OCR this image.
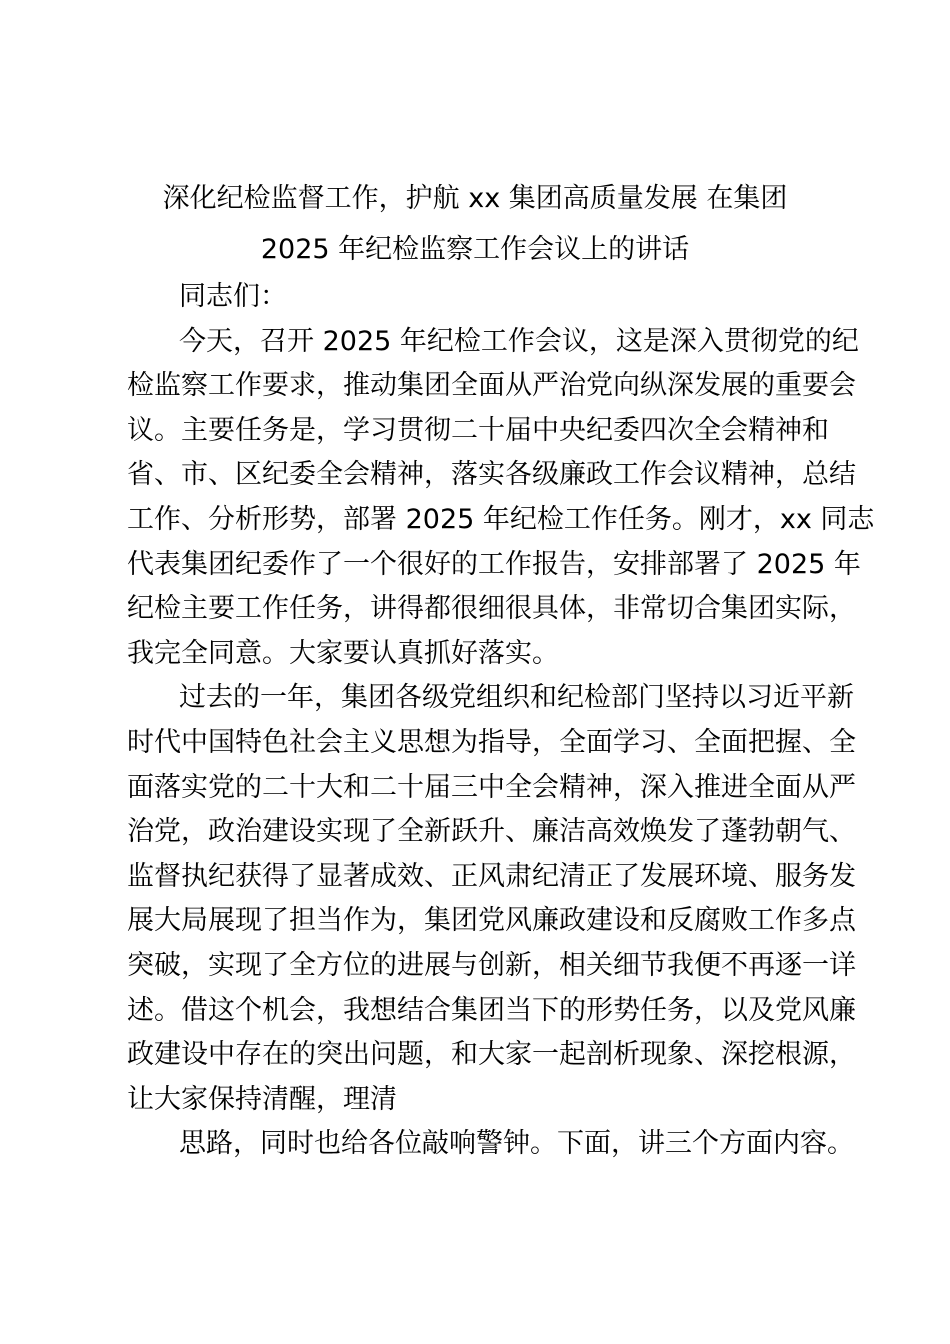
深化纪检监督工作，护航 xx 集团高质量发展 在集团
2025 年纪检监察工作会议上的讲话
同志们：
今天，召开 2025 年纪检工作会议，这是深入贯彻党的纪
检监察工作要求，推动集团全面从严治党向纵深发展的重要会
议。主要任务是，学习贯彻二十届中央纪委四次全会精神和
省、市、区纪委全会精神，落实各级廉政工作会议精神，总结
工作、分析形势，部署 2025 年纪检工作任务。刚才，xx 同志
代表集团纪委作了一个很好的工作报告，安排部署了 2025 年
纪检主要工作任务，讲得都很细很具体，非常切合集团实际，
我完全同意。大家要认真抓好落实。
过去的一年，集团各级党组织和纪检部门坚持以习近平新
时代中国特色社会主义思想为指导，全面学习、全面把握、全
面落实党的二十大和二十届三中全会精神，深入推进全面从严
治党，政治建设实现了全新跃升、廉洁高效焕发了蓬勃朝气、
监督执纪获得了显著成效、正风肃纪清正了发展环境、服务发
展大局展现了担当作为，集团党风廉政建设和反腐败工作多点
突破，实现了全方位的进展与创新，相关细节我便不再逐一详
述。借这个机会，我想结合集团当下的形势任务，以及党风廉
政建设中存在的突出问题，和大家一起剖析现象、深挖根源，
让大家保持清醒，理清
思路，同时也给各位敲响警钟。下面，讲三个方面内容。
